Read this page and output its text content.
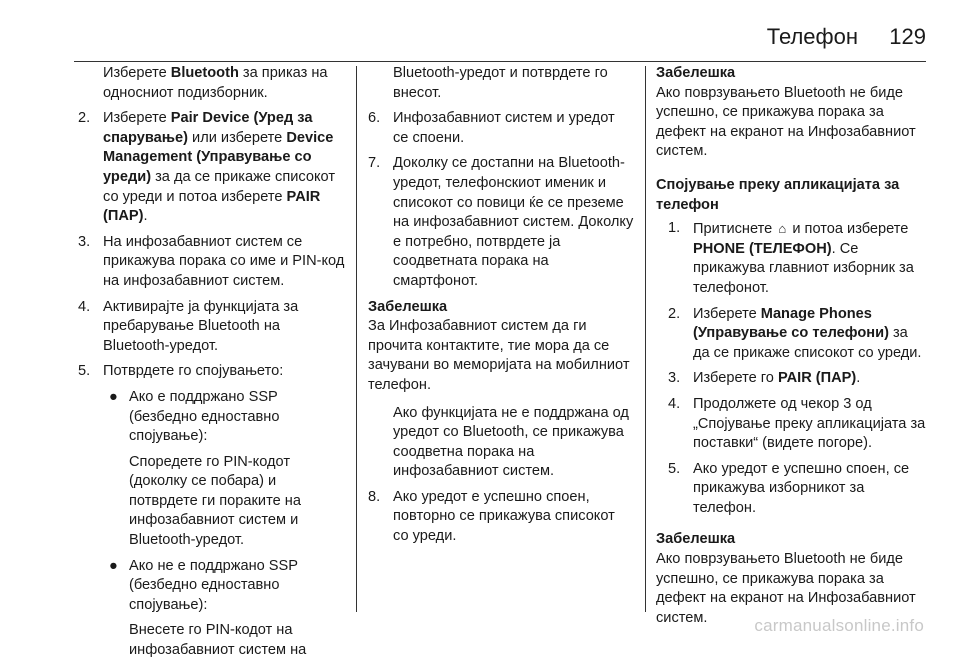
Телефон 129

Изберете Bluetooth за приказ на односниот подизборник.

2. Изберете Pair Device (Уред за спарување) или изберете Device Management (Управување со уреди) за да се прикаже списокот со уреди и потоа изберете PAIR (ПАР).
3. На инфозабавниот систем се прикажува порака со име и PIN-код на инфозабавниот систем.
4. Активирајте ја функцијата за пребарување Bluetooth на Bluetooth-уредот.
5. Потврдете го спојувањето:
● Ако е поддржано SSP (безбедно едноставно спојување):

Споредете го PIN-кодот (доколку се побара) и потврдете ги пораките на инфозабавниот систем и Bluetooth-уредот.

● Ако не е поддржано SSP (безбедно едноставно спојување):

Внесете го PIN-кодот на инфозабавниот систем на

Bluetooth-уредот и потврдете го внесот.

6. Инфозабавниот систем и уредот се споени.
7. Доколку се достапни на Bluetooth-уредот, телефонскиот именик и списокот со повици ќе се преземе на инфозабавниот систем. Доколку е потребно, потврдете ја соодветната порака на смартфонот.

Забелешка

За Инфозабавниот систем да ги прочита контактите, тие мора да се зачувани во меморијата на мобилниот телефон.

Ако функцијата не е поддржана од уредот со Bluetooth, се прикажува соодветна порака на инфозабавниот систем.

8. Ако уредот е успешно споен, повторно се прикажува списокот со уреди.

Забелешка

Ако поврзувањето Bluetooth не биде успешно, се прикажува порака за дефект на екранот на Инфозабавниот систем.

Спојување преку апликацијата за телефон

1. Притиснете ⌂ и потоа изберете PHONE (ТЕЛЕФОН). Се прикажува главниот изборник за телефонот.
2. Изберете Manage Phones (Управување со телефони) за да се прикаже списокот со уреди.
3. Изберете го PAIR (ПАР).
4. Продолжете од чекор 3 од „Спојување преку апликацијата за поставки“ (видете погоре).
5. Ако уредот е успешно споен, се прикажува изборникот за телефон.

Забелешка

Ако поврзувањето Bluetooth не биде успешно, се прикажува порака за дефект на екранот на Инфозабавниот систем.	carmanualsonline.info
